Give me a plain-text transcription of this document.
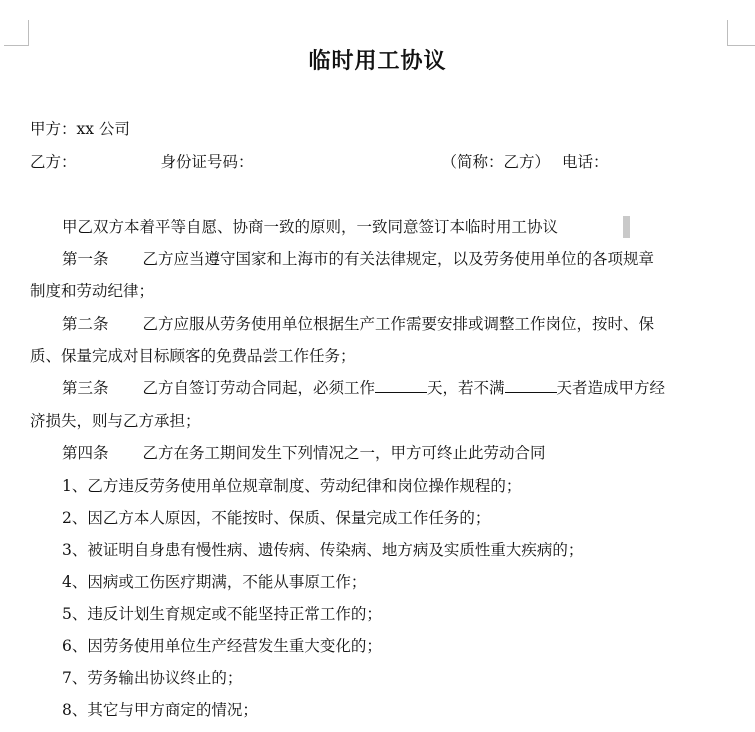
临时用工协议
甲方：xx 公司
乙方：	身份证号码：	（简称：乙方） 电话：
甲乙双方本着平等自愿、协商一致的原则，一致同意签订本临时用工协议
第一条 乙方应当遵守国家和上海市的有关法律规定，以及劳务使用单位的各项规章
制度和劳动纪律；
第二条 乙方应服从劳务使用单位根据生产工作需要安排或调整工作岗位，按时、保
质、保量完成对目标顾客的免费品尝工作任务；
第三条 乙方自签订劳动合同起，必须工作	天，若不满	天者造成甲方经
济损失，则与乙方承担；
第四条 乙方在务工期间发生下列情况之一，甲方可终止此劳动合同
1、乙方违反劳务使用单位规章制度、劳动纪律和岗位操作规程的；
2、因乙方本人原因，不能按时、保质、保量完成工作任务的；
3、被证明自身患有慢性病、遗传病、传染病、地方病及实质性重大疾病的；
4、因病或工伤医疗期满，不能从事原工作；
5、违反计划生育规定或不能坚持正常工作的；
6、因劳务使用单位生产经营发生重大变化的；
7、劳务输出协议终止的；
8、其它与甲方商定的情况；
